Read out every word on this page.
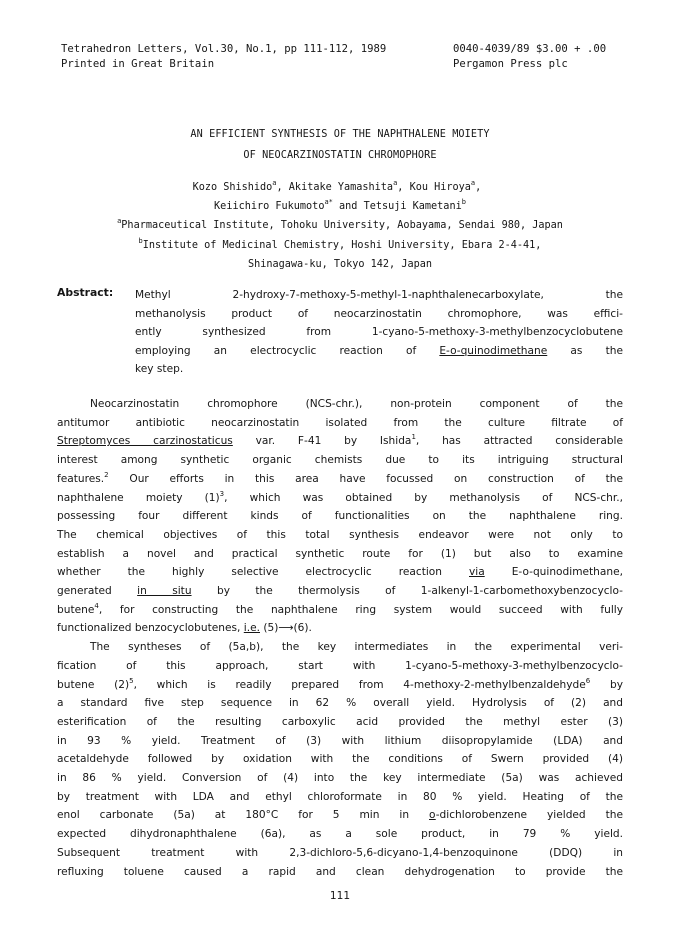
Tetrahedron Letters, Vol.30, No.1, pp 111-112, 1989
Printed in Great Britain
0040-4039/89 $3.00 + .00
Pergamon Press plc
AN EFFICIENT SYNTHESIS OF THE NAPHTHALENE MOIETY
OF NEOCARZINOSTATIN CHROMOPHORE
Kozo Shishido$^a$, Akitake Yamashita$^a$, Kou Hiroya$^a$,
Keiichiro Fukumoto$^{a*}$ and Tetsuji Kametani$^b$
$^a$Pharmaceutical Institute, Tohoku University, Aobayama, Sendai 980, Japan
$^b$Institute of Medicinal Chemistry, Hoshi University, Ebara 2-4-41,
Shinagawa-ku, Tokyo 142, Japan
Abstract: Methyl 2-hydroxy-7-methoxy-5-methyl-1-naphthalenecarboxylate, the
methanolysis product of neocarzinostatin chromophore, was effici-
ently synthesized from 1-cyano-5-methoxy-3-methylbenzocyclobutene
employing an electrocyclic reaction of E-o-quinodimethane as the
key step.
Neocarzinostatin chromophore (NCS-chr.), non-protein component of the
antitumor antibiotic neocarzinostatin isolated from the culture filtrate of
Streptomyces carzinostaticus var. F-41 by Ishida$^1$, has attracted considerable
interest among synthetic organic chemists due to its intriguing structural
features.$^2$ Our efforts in this area have focussed on construction of the
naphthalene moiety $(1)^3$, which was obtained by methanolysis of NCS-chr.,
possessing four different kinds of functionalities on the naphthalene ring.
The chemical objectives of this total synthesis endeavor were not only to
establish a novel and practical synthetic route for (1) but also to examine
whether the highly selective electrocyclic reaction	via	E-o-quinodimethane,
generated in situ by the thermolysis of 1-alkenyl-1-carbomethoxybenzocyclo-
butene$^4$, for constructing the naphthalene ring system would succeed with fully
functionalized benzocyclobutenes, i.e. (5)⟶(6).
The syntheses of (5a,b), the key intermediates in the experimental veri-
fication of this approach, start with 1-cyano-5-methoxy-3-methylbenzocyclo-
butene $(2)^5$, which is readily prepared from 4-methoxy-2-methylbenzaldehyde$^6$ by
a standard five step sequence in 62 % overall yield. Hydrolysis of (2) and
esterification of the resulting carboxylic acid provided the methyl ester (3)
in 93 % yield. Treatment of (3) with lithium diisopropylamide (LDA) and
acetaldehyde followed by oxidation with the conditions of Swern provided (4)
in 86 % yield. Conversion of (4) into the key intermediate (5a) was achieved
by treatment with LDA and ethyl chloroformate in 80 % yield. Heating of the
enol carbonate (5a) at 180°C for 5 min in o-dichlorobenzene yielded the
expected dihydronaphthalene (6a), as a sole product, in 79 % yield.
Subsequent treatment with 2,3-dichloro-5,6-dicyano-1,4-benzoquinone (DDQ) in
refluxing toluene caused a rapid and clean dehydrogenation to provide the
111
